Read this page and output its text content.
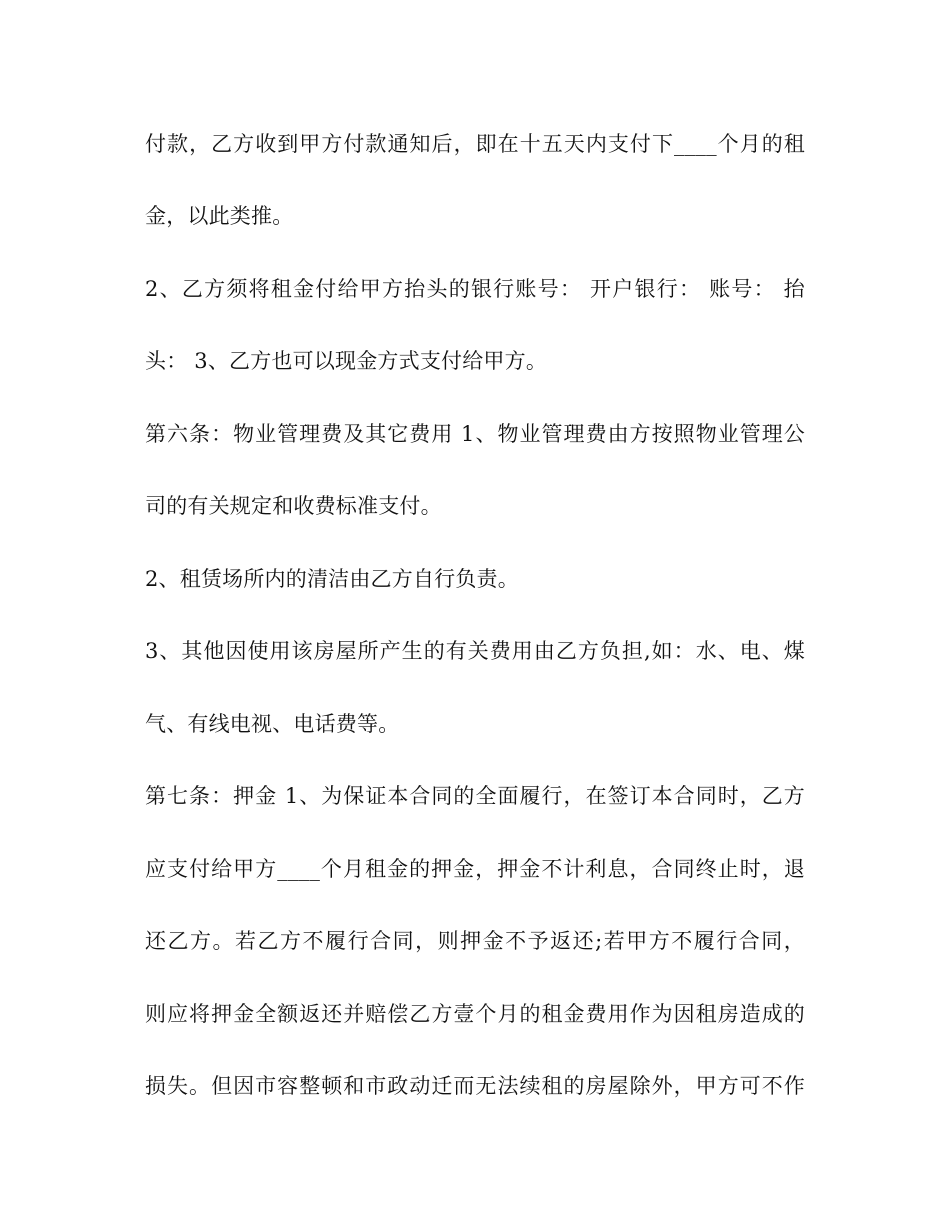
付款，乙方收到甲方付款通知后，即在十五天内支付下____个月的租
金，以此类推。
2、乙方须将租金付给甲方抬头的银行账号： 开户银行： 账号： 抬
头： 3、乙方也可以现金方式支付给甲方。
第六条：物业管理费及其它费用 1、物业管理费由方按照物业管理公
司的有关规定和收费标准支付。
2、租赁场所内的清洁由乙方自行负责。
3、其他因使用该房屋所产生的有关费用由乙方负担,如：水、电、煤
气、有线电视、电话费等。
第七条：押金 1、为保证本合同的全面履行，在签订本合同时，乙方
应支付给甲方____个月租金的押金，押金不计利息，合同终止时，退
还乙方。若乙方不履行合同，则押金不予返还;若甲方不履行合同，
则应将押金全额返还并赔偿乙方壹个月的租金费用作为因租房造成的
损失。但因市容整顿和市政动迁而无法续租的房屋除外，甲方可不作
